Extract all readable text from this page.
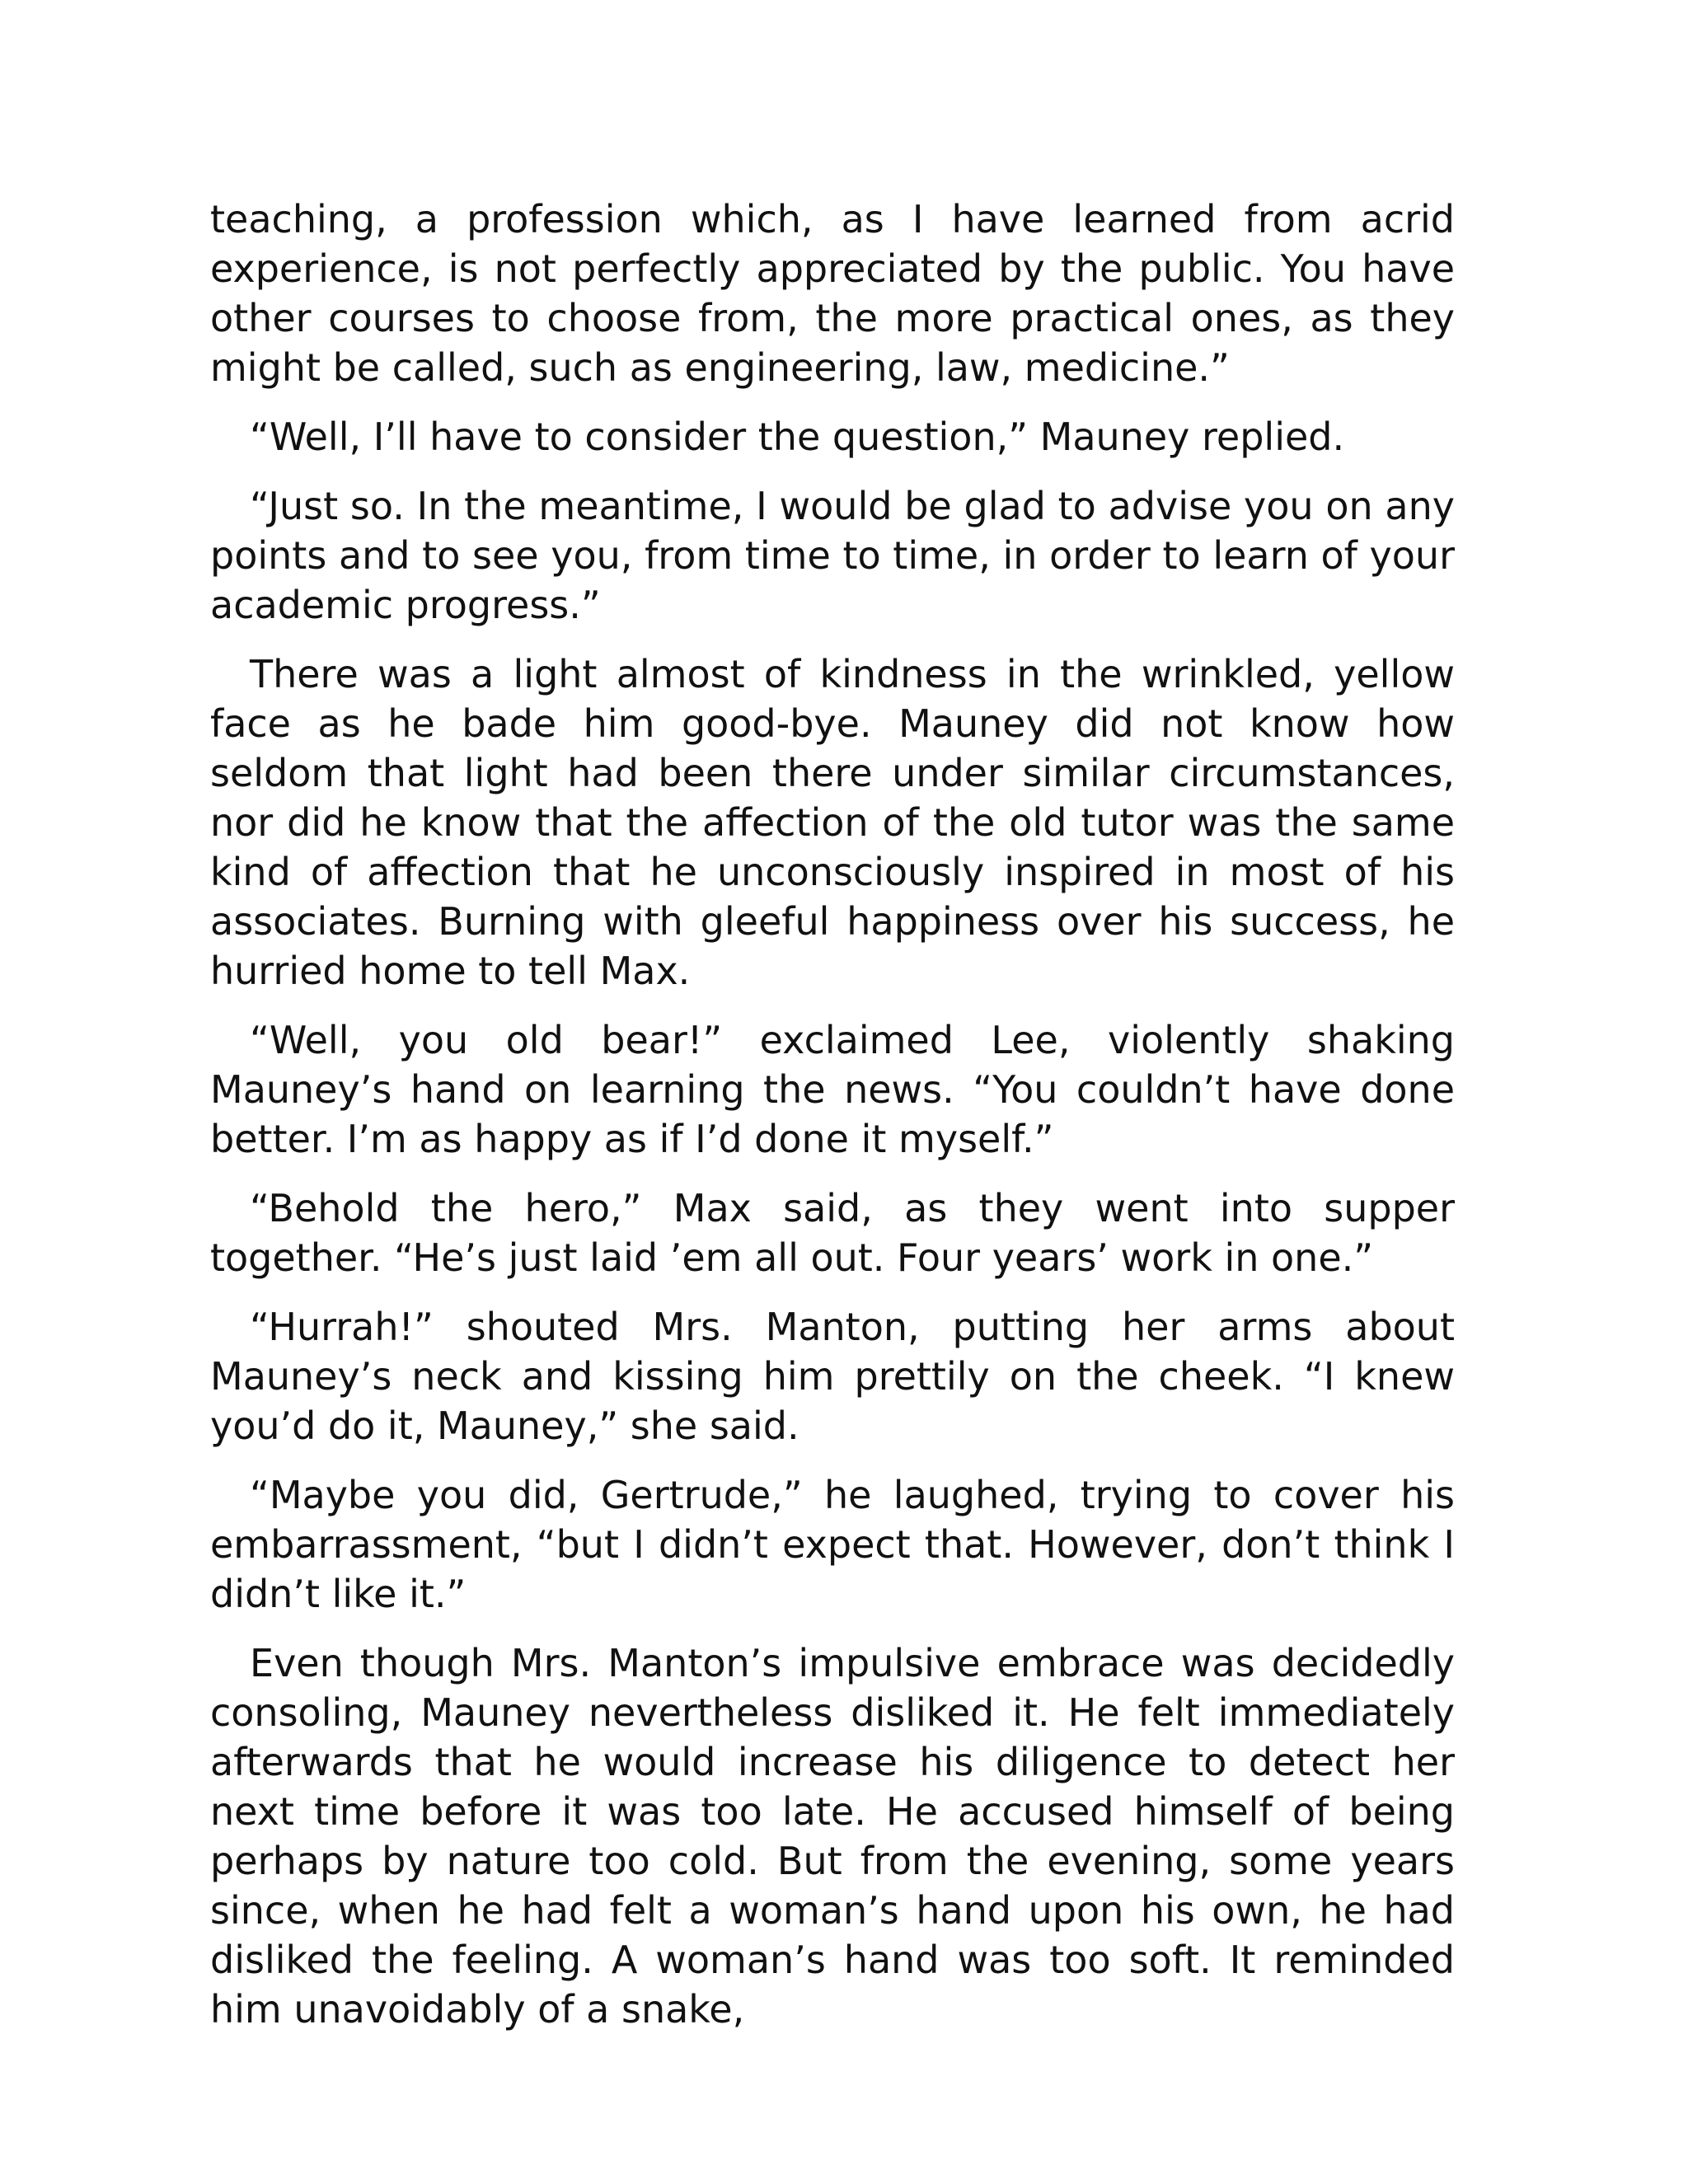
teaching, a profession which, as I have learned from acrid experience, is not perfectly appreciated by the public. You have other courses to choose from, the more practical ones, as they might be called, such as engineering, law, medicine.”

“Well, I’ll have to consider the question,” Mauney replied.

“Just so. In the meantime, I would be glad to advise you on any points and to see you, from time to time, in order to learn of your academic progress.”

There was a light almost of kindness in the wrinkled, yellow face as he bade him good-bye. Mauney did not know how seldom that light had been there under similar circumstances, nor did he know that the affection of the old tutor was the same kind of affection that he unconsciously inspired in most of his associates. Burning with gleeful happiness over his success, he hurried home to tell Max.

“Well, you old bear!” exclaimed Lee, violently shaking Mauney’s hand on learning the news. “You couldn’t have done better. I’m as happy as if I’d done it myself.”

“Behold the hero,” Max said, as they went into supper together. “He’s just laid ’em all out. Four years’ work in one.”

“Hurrah!” shouted Mrs. Manton, putting her arms about Mauney’s neck and kissing him prettily on the cheek. “I knew you’d do it, Mauney,” she said.

“Maybe you did, Gertrude,” he laughed, trying to cover his embarrassment, “but I didn’t expect that. However, don’t think I didn’t like it.”

Even though Mrs. Manton’s impulsive embrace was decidedly consoling, Mauney nevertheless disliked it. He felt immediately afterwards that he would increase his diligence to detect her next time before it was too late. He accused himself of being perhaps by nature too cold. But from the evening, some years since, when he had felt a woman’s hand upon his own, he had disliked the feeling. A woman’s hand was too soft. It reminded him unavoidably of a snake,
